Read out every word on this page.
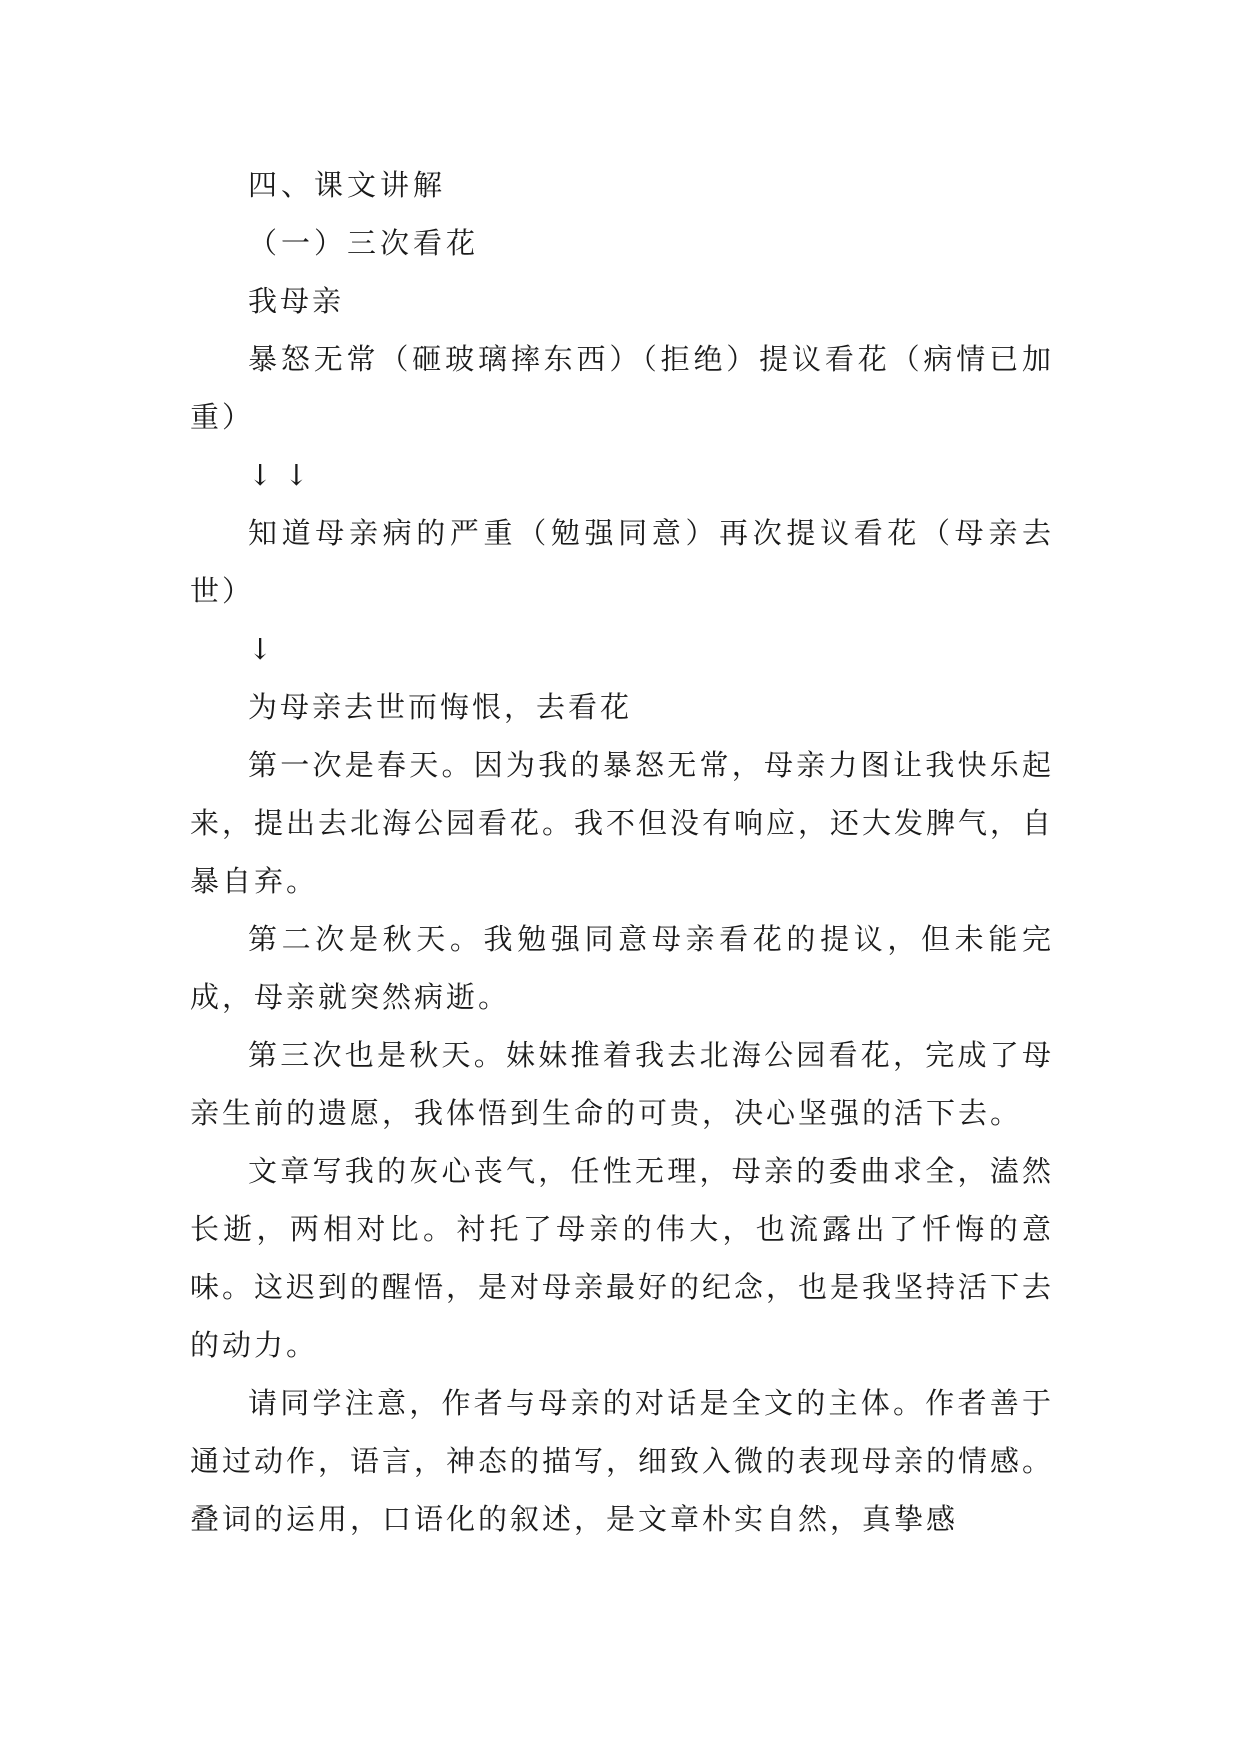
四、课文讲解

（一）三次看花

我母亲

暴怒无常（砸玻璃摔东西）（拒绝）提议看花（病情已加重）

↓↓

知道母亲病的严重（勉强同意）再次提议看花（母亲去世）

↓

为母亲去世而悔恨，去看花

第一次是春天。因为我的暴怒无常，母亲力图让我快乐起来，提出去北海公园看花。我不但没有响应，还大发脾气，自暴自弃。

第二次是秋天。我勉强同意母亲看花的提议，但未能完成，母亲就突然病逝。

第三次也是秋天。妹妹推着我去北海公园看花，完成了母亲生前的遗愿，我体悟到生命的可贵，决心坚强的活下去。

文章写我的灰心丧气，任性无理，母亲的委曲求全，溘然长逝，两相对比。衬托了母亲的伟大，也流露出了忏悔的意味。这迟到的醒悟，是对母亲最好的纪念，也是我坚持活下去的动力。

请同学注意，作者与母亲的对话是全文的主体。作者善于通过动作，语言，神态的描写，细致入微的表现母亲的情感。叠词的运用，口语化的叙述，是文章朴实自然，真挚感
